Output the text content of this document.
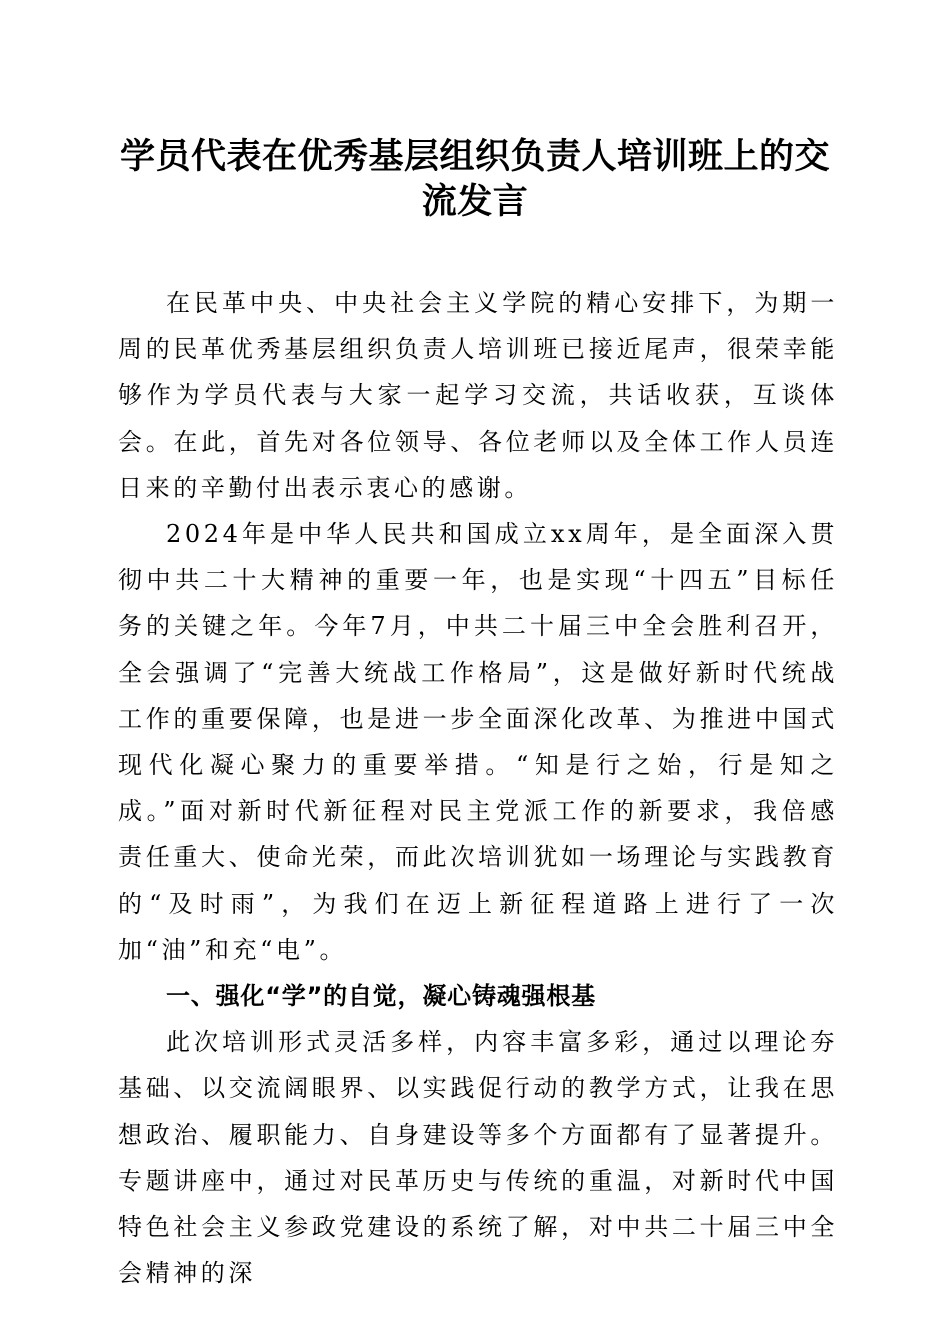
学员代表在优秀基层组织负责人培训班上的交流发言

在民革中央、中央社会主义学院的精心安排下，为期一周的民革优秀基层组织负责人培训班已接近尾声，很荣幸能够作为学员代表与大家一起学习交流，共话收获，互谈体会。在此，首先对各位领导、各位老师以及全体工作人员连日来的辛勤付出表示衷心的感谢。

2024年是中华人民共和国成立xx周年，是全面深入贯彻中共二十大精神的重要一年，也是实现“十四五”目标任务的关键之年。今年7月，中共二十届三中全会胜利召开，全会强调了“完善大统战工作格局”，这是做好新时代统战工作的重要保障，也是进一步全面深化改革、为推进中国式现代化凝心聚力的重要举措。“知是行之始，行是知之成。”面对新时代新征程对民主党派工作的新要求，我倍感责任重大、使命光荣，而此次培训犹如一场理论与实践教育的“及时雨”，为我们在迈上新征程道路上进行了一次加“油”和充“电”。

一、强化“学”的自觉，凝心铸魂强根基

此次培训形式灵活多样，内容丰富多彩，通过以理论夯基础、以交流阔眼界、以实践促行动的教学方式，让我在思想政治、履职能力、自身建设等多个方面都有了显著提升。专题讲座中，通过对民革历史与传统的重温，对新时代中国特色社会主义参政党建设的系统了解，对中共二十届三中全会精神的深
